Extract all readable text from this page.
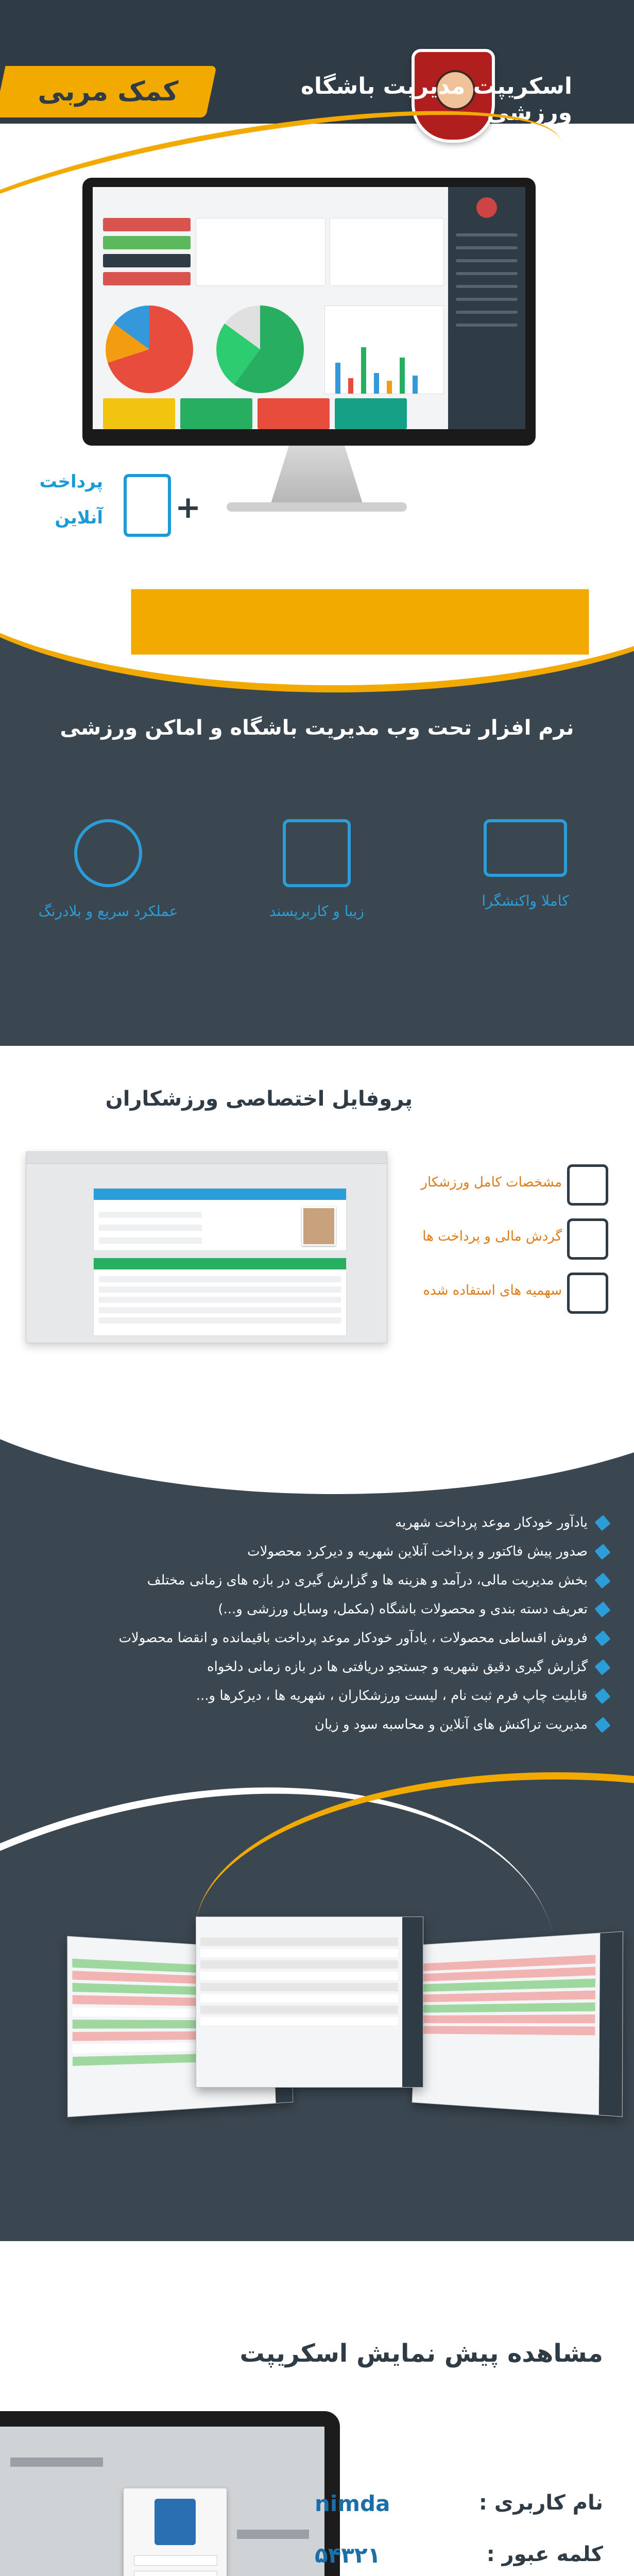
کمک مربی	اسکریپت مدیریت باشگاه ورزشی
پرداخت
آنلاین +
نرم افزار تحت وب مدیریت باشگاه و اماکن ورزشی
عملکرد سریع و بلادرنگ	زیبا و کاربرپسند
کاملا واکنشگرا
پروفایل اختصاصی ورزشکاران
مشخصات کامل ورزشکار
گردش مالی و پرداخت ها
سهمیه های استفاده شده
یادآور خودکار موعد پرداخت شهریه
صدور پیش فاکتور و پرداخت آنلاین شهریه و دیرکرد محصولات
بخش مدیریت مالی، درآمد و هزینه ها و گزارش گیری در بازه های زمانی مختلف
تعریف دسته بندی و محصولات باشگاه (مکمل، وسایل ورزشی و...)
فروش اقساطی محصولات ، یادآور خودکار موعد پرداخت باقیمانده و انقضا محصولات
گزارش گیری دقیق شهریه و جستجو دریافتی ها در بازه زمانی دلخواه
قابلیت چاپ فرم ثبت نام ، لیست ورزشکاران ، شهریه ها ، دیرکرها و...
مدیریت تراکنش های آنلاین و محاسبه سود و زیان
مشاهده پیش نمایش اسکریپت
نام کاربری :
nimda
کلمه عبور :
۵۴۳۲۱
